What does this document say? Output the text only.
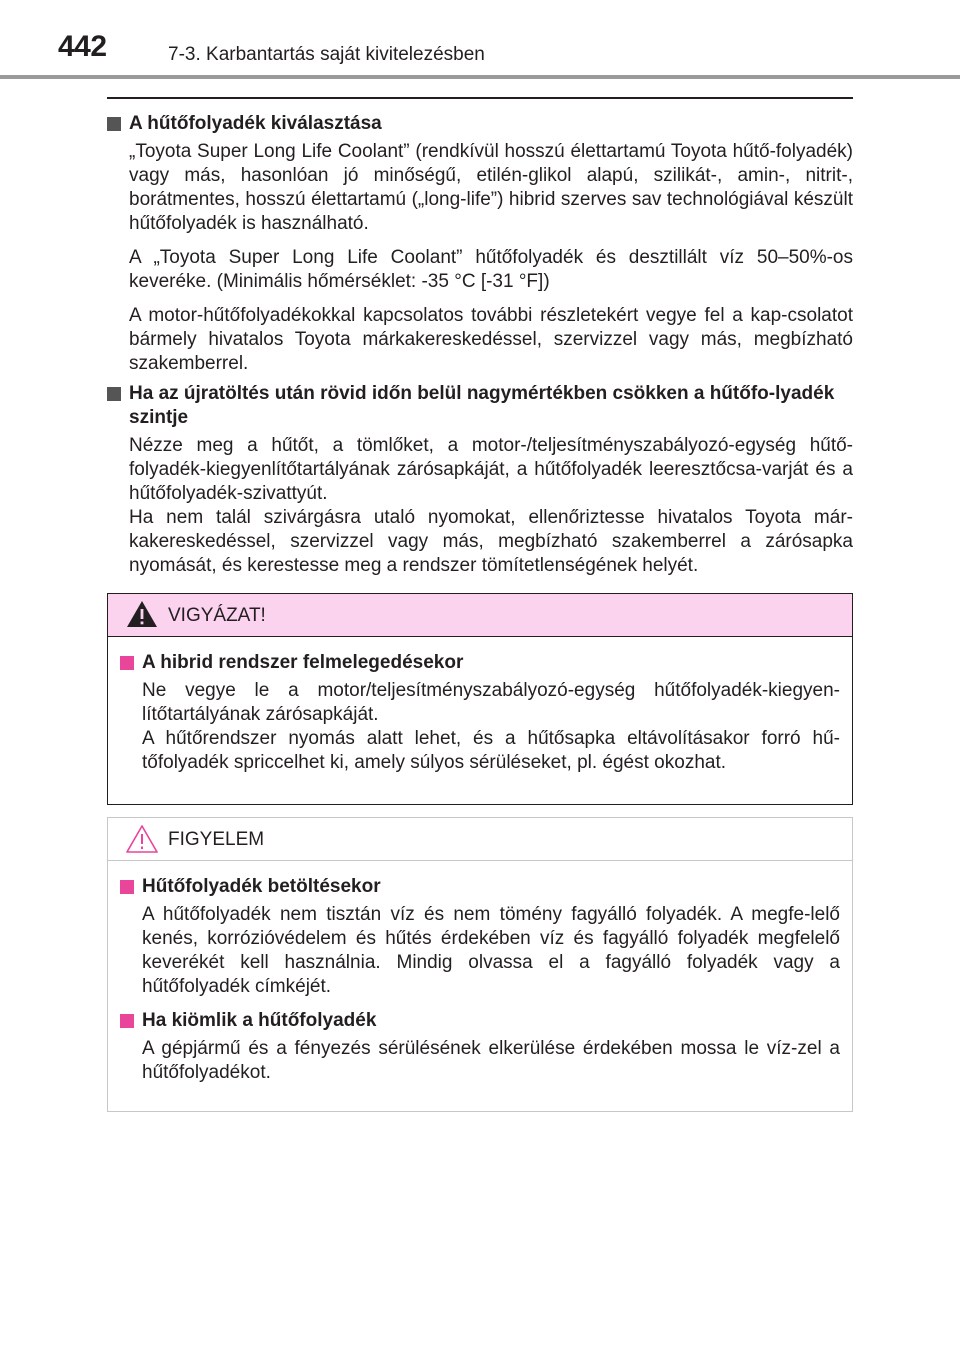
442	7-3. Karbantartás saját kivitelezésben
A hűtőfolyadék kiválasztása
„Toyota Super Long Life Coolant” (rendkívül hosszú élettartamú Toyota hűtő-folyadék) vagy más, hasonlóan jó minőségű, etilén-glikol alapú, szilikát-, amin-, nitrit-, borátmentes, hosszú élettartamú („long-life”) hibrid szerves sav technológiával készült hűtőfolyadék is használható.
A „Toyota Super Long Life Coolant” hűtőfolyadék és desztillált víz 50–50%-os keveréke. (Minimális hőmérséklet: -35 °C [-31 °F])
A motor-hűtőfolyadékokkal kapcsolatos további részletekért vegye fel a kap-csolatot bármely hivatalos Toyota márkakereskedéssel, szervizzel vagy más, megbízható szakemberrel.
Ha az újratöltés után rövid időn belül nagymértékben csökken a hűtőfo-lyadék szintje
Nézze meg a hűtőt, a tömlőket, a motor-/teljesítményszabályozó-egység hűtő-folyadék-kiegyenlítőtartályának zárósapkáját, a hűtőfolyadék leeresztőcsa-varját és a hűtőfolyadék-szivattyút.
Ha nem talál szivárgásra utaló nyomokat, ellenőriztesse hivatalos Toyota már-kakereskedéssel, szervizzel vagy más, megbízható szakemberrel a zárósapka nyomását, és kerestesse meg a rendszer tömítetlenségének helyét.
VIGYÁZAT!
A hibrid rendszer felmelegedésekor
Ne vegye le a motor/teljesítményszabályozó-egység hűtőfolyadék-kiegyen-lítőtartályának zárósapkáját.
A hűtőrendszer nyomás alatt lehet, és a hűtősapka eltávolításakor forró hű-tőfolyadék spriccelhet ki, amely súlyos sérüléseket, pl. égést okozhat.
FIGYELEM
Hűtőfolyadék betöltésekor
A hűtőfolyadék nem tisztán víz és nem tömény fagyálló folyadék. A megfe-lelő kenés, korrózióvédelem és hűtés érdekében víz és fagyálló folyadék megfelelő keverékét kell használnia. Mindig olvassa el a fagyálló folyadék vagy a hűtőfolyadék címkéjét.
Ha kiömlik a hűtőfolyadék
A gépjármű és a fényezés sérülésének elkerülése érdekében mossa le víz-zel a hűtőfolyadékot.
